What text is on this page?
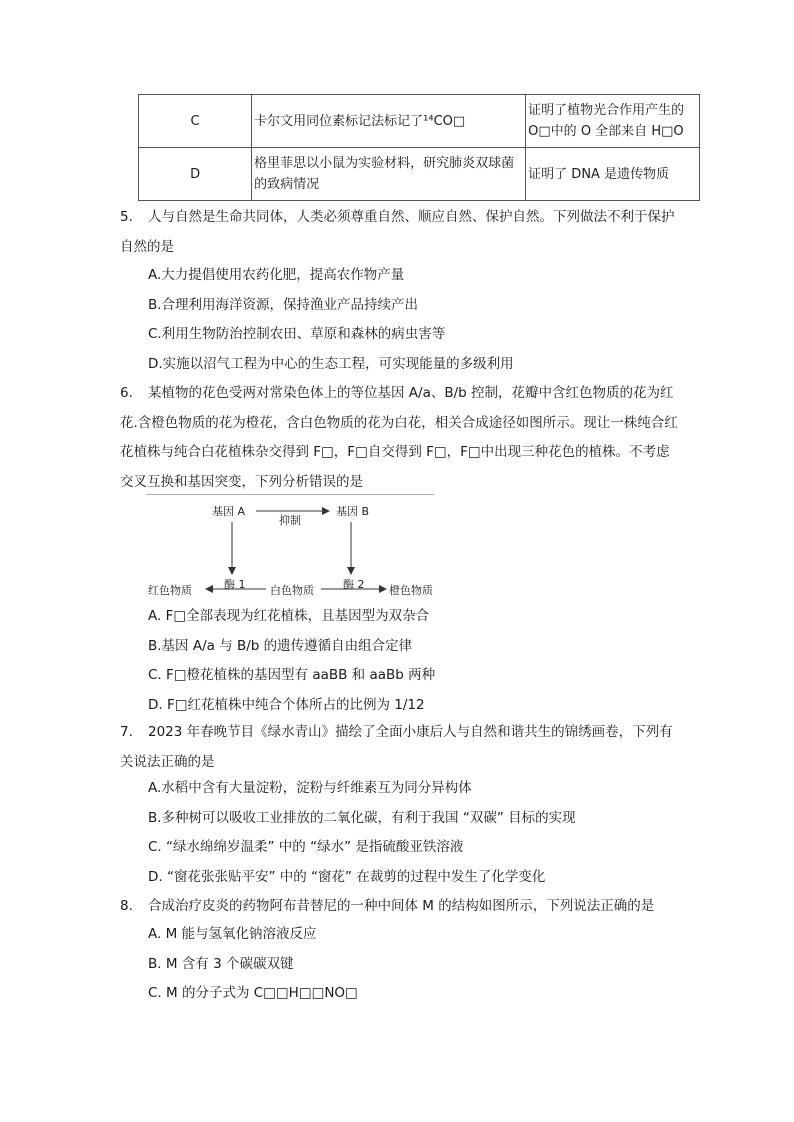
C	卡尔文用同位素标记法标记了¹⁴CO□	证明了植物光合作用产生的 O□中的 O 全部来自 H□O
D	格里菲思以小鼠为实验材料，研究肺炎双球菌的致病情况	证明了 DNA 是遗传物质
5. 人与自然是生命共同体，人类必须尊重自然、顺应自然、保护自然。下列做法不利于保护自然的是
A.大力提倡使用农药化肥，提高农作物产量
B.合理利用海洋资源，保持渔业产品持续产出
C.利用生物防治控制农田、草原和森林的病虫害等
D.实施以沼气工程为中心的生态工程，可实现能量的多级利用
6. 某植物的花色受两对常染色体上的等位基因 A/a、B/b 控制，花瓣中含红色物质的花为红花.含橙色物质的花为橙花，含白色物质的花为白花，相关合成途径如图所示。现让一株纯合红花植株与纯合白花植株杂交得到 F□，F□自交得到 F□，F□中出现三种花色的植株。不考虑交叉互换和基因突变，下列分析错误的是
基因 A	基因 B
抑制
酶 1	酶 2
红色物质	白色物质	橙色物质
A. F□全部表现为红花植株，且基因型为双杂合
B.基因 A/a 与 B/b 的遗传遵循自由组合定律
C. F□橙花植株的基因型有 aaBB 和 aaBb 两种
D. F□红花植株中纯合个体所占的比例为 1/12
7. 2023 年春晚节目《绿水青山》描绘了全面小康后人与自然和谐共生的锦绣画卷，下列有关说法正确的是
A.水稻中含有大量淀粉，淀粉与纤维素互为同分异构体
B.多种树可以吸收工业排放的二氧化碳，有利于我国 “双碳” 目标的实现
C. “绿水绵绵岁温柔” 中的 “绿水” 是指硫酸亚铁溶液
D. “窗花张张贴平安” 中的 “窗花” 在裁剪的过程中发生了化学变化
8. 合成治疗皮炎的药物阿布昔替尼的一种中间体 M 的结构如图所示，下列说法正确的是
A. M 能与氢氧化钠溶液反应
B. M 含有 3 个碳碳双键
C. M 的分子式为 C□□H□□NO□
